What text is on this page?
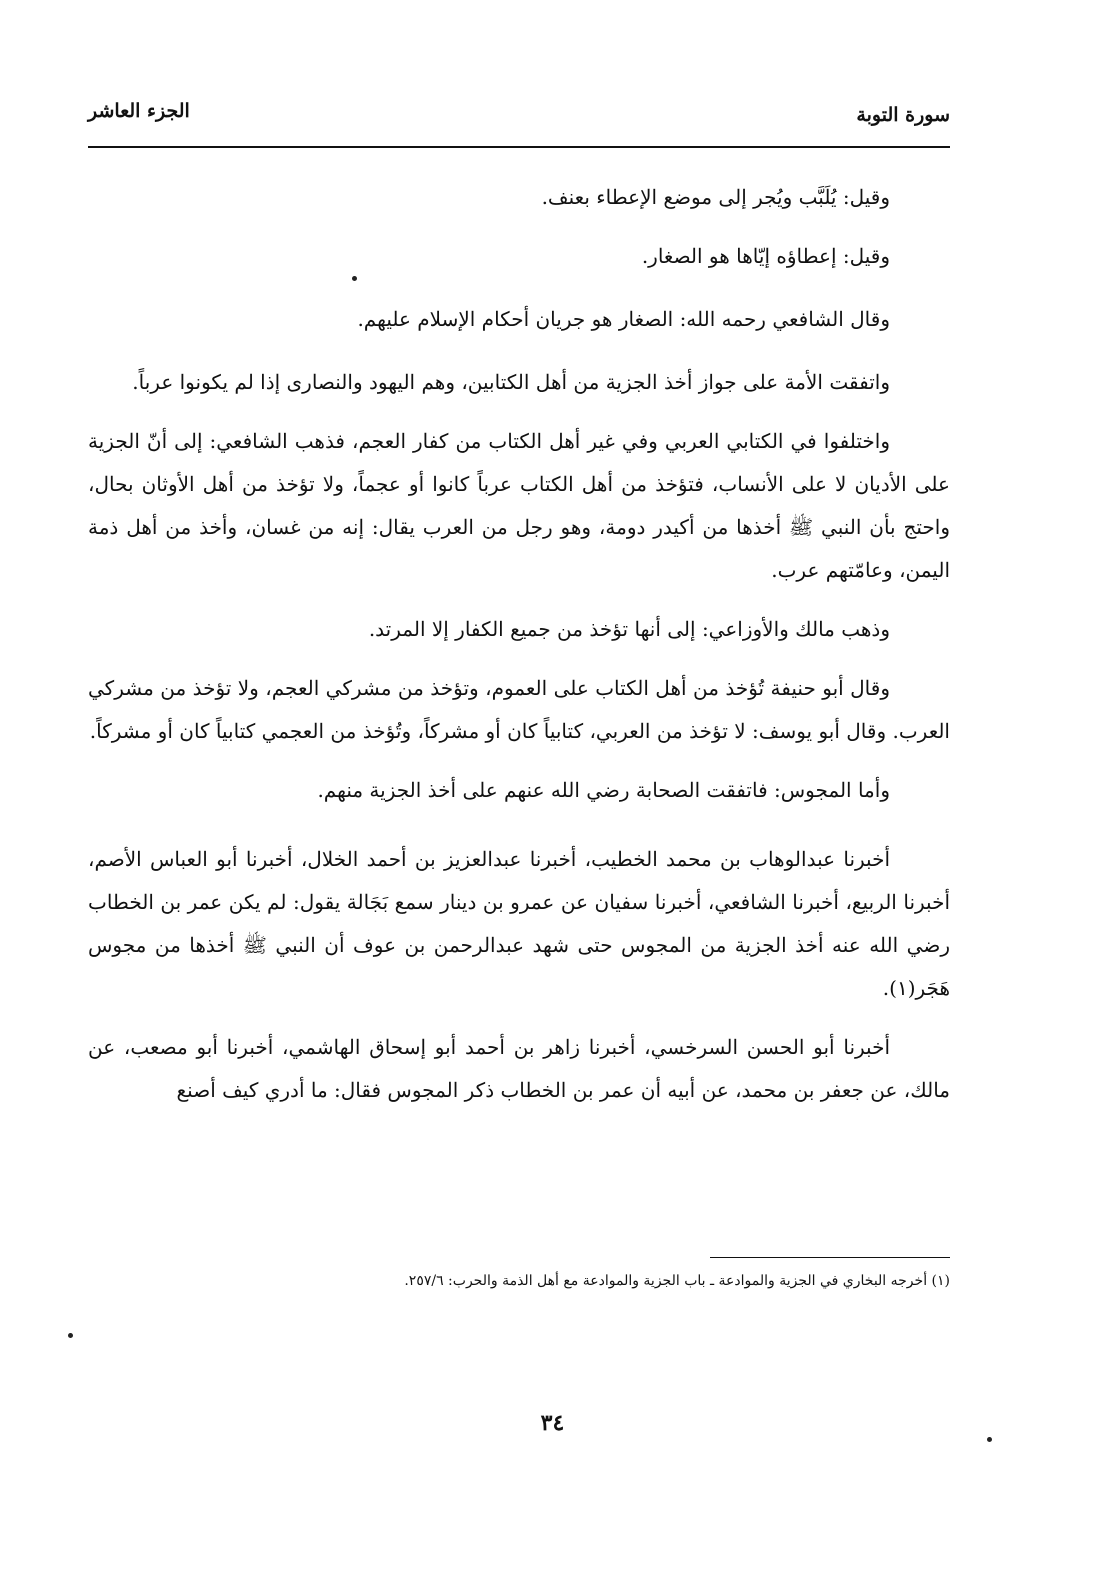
سورة التوبة
الجزء العاشر

وقيل: يُلَبَّب ويُجر إلى موضع الإعطاء بعنف.

وقيل: إعطاؤه إيّاها هو الصغار.

وقال الشافعي رحمه الله: الصغار هو جريان أحكام الإسلام عليهم.

واتفقت الأمة على جواز أخذ الجزية من أهل الكتابين، وهم اليهود والنصارى إذا لم يكونوا عرباً.

واختلفوا في الكتابي العربي وفي غير أهل الكتاب من كفار العجم، فذهب الشافعي: إلى أنّ الجزية على الأديان لا على الأنساب، فتؤخذ من أهل الكتاب عرباً كانوا أو عجماً، ولا تؤخذ من أهل الأوثان بحال، واحتج بأن النبي ﷺ أخذها من أكيدر دومة، وهو رجل من العرب يقال: إنه من غسان، وأخذ من أهل ذمة اليمن، وعامّتهم عرب.

وذهب مالك والأوزاعي: إلى أنها تؤخذ من جميع الكفار إلا المرتد.

وقال أبو حنيفة تُؤخذ من أهل الكتاب على العموم، وتؤخذ من مشركي العجم، ولا تؤخذ من مشركي العرب. وقال أبو يوسف: لا تؤخذ من العربي، كتابياً كان أو مشركاً، وتُؤخذ من العجمي كتابياً كان أو مشركاً.

وأما المجوس: فاتفقت الصحابة رضي الله عنهم على أخذ الجزية منهم.

أخبرنا عبدالوهاب بن محمد الخطيب، أخبرنا عبدالعزيز بن أحمد الخلال، أخبرنا أبو العباس الأصم، أخبرنا الربيع، أخبرنا الشافعي، أخبرنا سفيان عن عمرو بن دينار سمع بَجَالة يقول: لم يكن عمر بن الخطاب رضي الله عنه أخذ الجزية من المجوس حتى شهد عبدالرحمن بن عوف أن النبي ﷺ أخذها من مجوس هَجَر(١).

أخبرنا أبو الحسن السرخسي، أخبرنا زاهر بن أحمد أبو إسحاق الهاشمي، أخبرنا أبو مصعب، عن مالك، عن جعفر بن محمد، عن أبيه أن عمر بن الخطاب ذكر المجوس فقال: ما أدري كيف أصنع

(١) أخرجه البخاري في الجزية والموادعة ـ باب الجزية والموادعة مع أهل الذمة والحرب: ٢٥٧/٦.
٣٤
